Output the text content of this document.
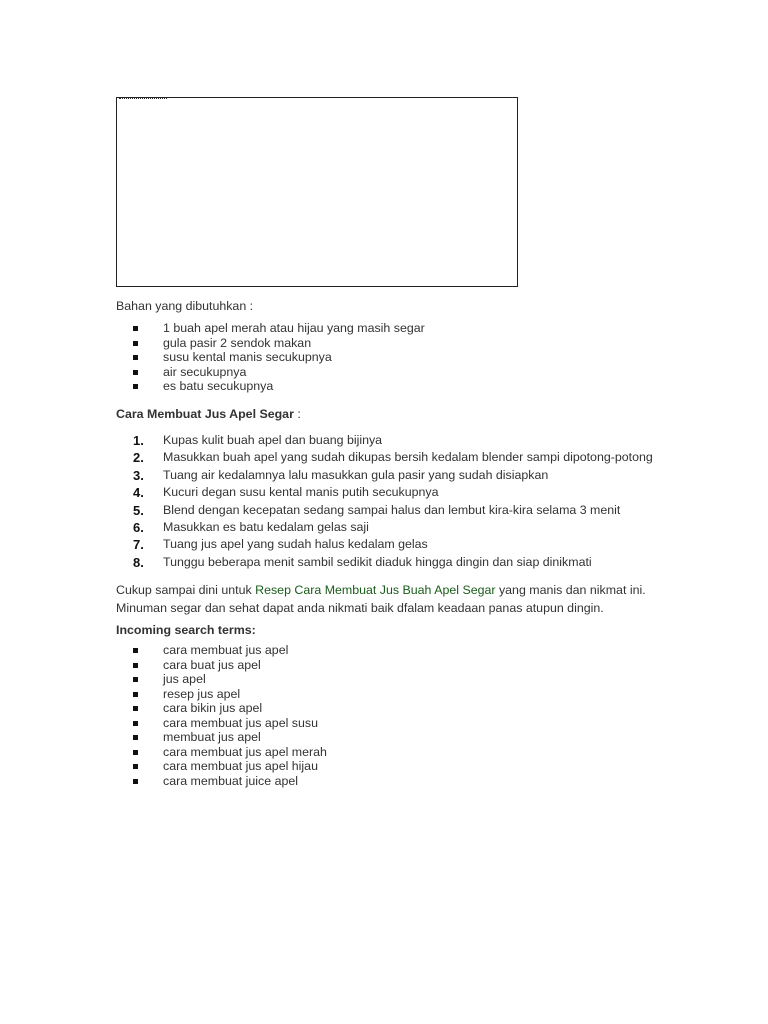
Bahan yang dibutuhkan :
1 buah apel merah atau hijau yang masih segar
gula pasir 2 sendok makan
susu kental manis secukupnya
air secukupnya
es batu secukupnya
Cara Membuat Jus Apel Segar :
1. Kupas kulit buah apel dan buang bijinya
2. Masukkan buah apel yang sudah dikupas bersih kedalam blender sampi dipotong-potong
3. Tuang air kedalamnya lalu masukkan gula pasir yang sudah disiapkan
4. Kucuri degan susu kental manis putih secukupnya
5. Blend dengan kecepatan sedang sampai halus dan lembut kira-kira selama 3 menit
6. Masukkan es batu kedalam gelas saji
7. Tuang jus apel yang sudah halus kedalam gelas
8. Tunggu beberapa menit sambil sedikit diaduk hingga dingin dan siap dinikmati
Cukup sampai dini untuk Resep Cara Membuat Jus Buah Apel Segar yang manis dan nikmat ini. Minuman segar dan sehat dapat anda nikmati baik dfalam keadaan panas atupun dingin.
Incoming search terms:
cara membuat jus apel
cara buat jus apel
jus apel
resep jus apel
cara bikin jus apel
cara membuat jus apel susu
membuat jus apel
cara membuat jus apel merah
cara membuat jus apel hijau
cara membuat juice apel
